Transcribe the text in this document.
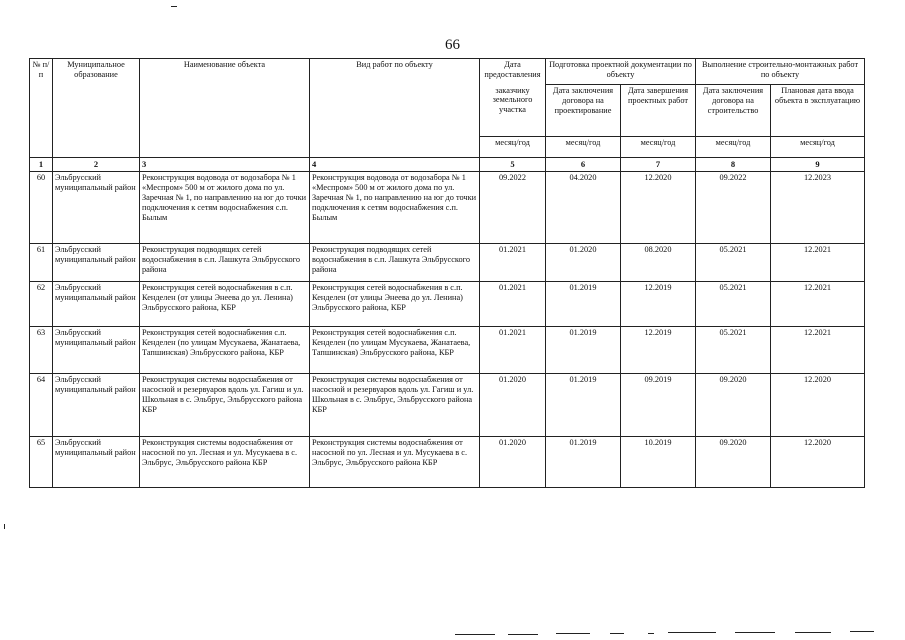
66
№ п/п	Муниципальное образование	Наименование объекта	Вид работ по объекту	Дата предоставления	Подготовка проектной документации по объекту		Выполнение строительно-монтажных работ по объекту	
				заказчику земельного участка	Дата заключения договора на проектирование	Дата завершения проектных работ	Дата заключения договора на строительство	Плановая дата ввода объекта в эксплуатацию
				месяц/год	месяц/год	месяц/год	месяц/год	месяц/год
1	2	3	4	5	6	7	8	9
60	Эльбрусский муниципальный район	Реконструкция водовода от водозабора № 1 «Меспром» 500 м от жилого дома по ул. Заречная № 1, по направлению на юг до точки подключения к сетям водоснабжения с.п. Былым	Реконструкция водовода от водозабора № 1 «Меспром» 500 м от жилого дома по ул. Заречная № 1, по направлению на юг до точки подключения к сетям водоснабжения с.п. Былым	09.2022	04.2020	12.2020	09.2022	12.2023
61	Эльбрусский муниципальный район	Реконструкция подводящих сетей водоснабжения в с.п. Лашкута Эльбрусского района	Реконструкция подводящих сетей водоснабжения в с.п. Лашкута Эльбрусского района	01.2021	01.2020	08.2020	05.2021	12.2021
62	Эльбрусский муниципальный район	Реконструкция сетей водоснабжения в с.п. Кенделен (от улицы Энеева до ул. Ленина) Эльбрусского района, КБР	Реконструкция сетей водоснабжения в с.п. Кенделен (от улицы Энеева до ул. Ленина) Эльбрусского района, КБР	01.2021	01.2019	12.2019	05.2021	12.2021
63	Эльбрусский муниципальный район	Реконструкция сетей водоснабжения с.п. Кенделен (по улицам Мусукаева, Жанатаева, Тапшинская) Эльбрусского района, КБР	Реконструкция сетей водоснабжения с.п. Кенделен (по улицам Мусукаева, Жанатаева, Тапшинская) Эльбрусского района, КБР	01.2021	01.2019	12.2019	05.2021	12.2021
64	Эльбрусский муниципальный район	Реконструкция системы водоснабжения от насосной и резервуаров вдоль ул. Гагиш и ул. Школьная в с. Эльбрус, Эльбрусского района КБР	Реконструкция системы водоснабжения от насосной и резервуаров вдоль ул. Гагиш и ул. Школьная в с. Эльбрус, Эльбрусского района КБР	01.2020	01.2019	09.2019	09.2020	12.2020
65	Эльбрусский муниципальный район	Реконструкция системы водоснабжения от насосной по ул. Лесная и ул. Мусукаева в с. Эльбрус, Эльбрусского района КБР	Реконструкция системы водоснабжения от насосной по ул. Лесная и ул. Мусукаева в с. Эльбрус, Эльбрусского района КБР	01.2020	01.2019	10.2019	09.2020	12.2020
